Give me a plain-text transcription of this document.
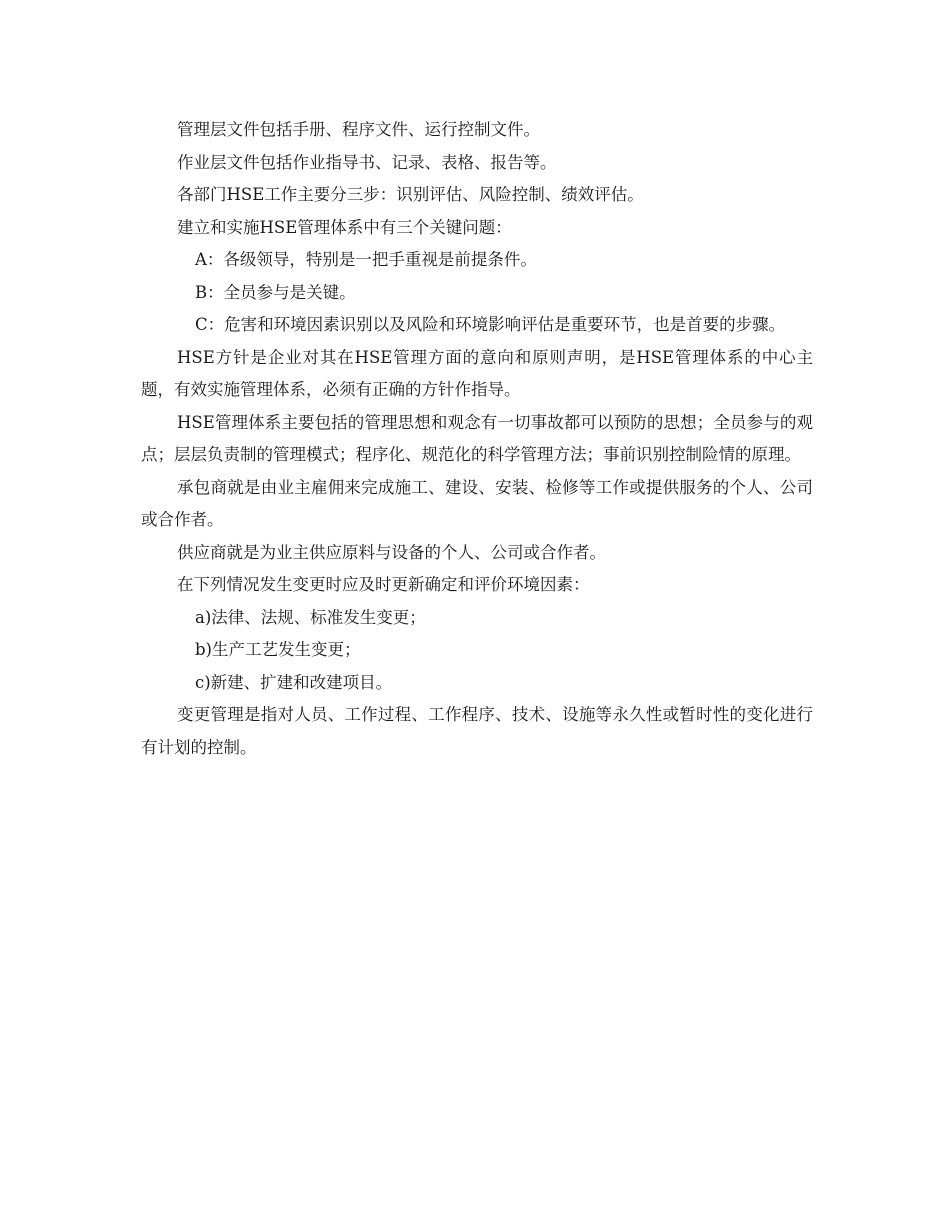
管理层文件包括手册、程序文件、运行控制文件。

作业层文件包括作业指导书、记录、表格、报告等。

各部门HSE工作主要分三步：识别评估、风险控制、绩效评估。

建立和实施HSE管理体系中有三个关键问题：

A：各级领导，特别是一把手重视是前提条件。

B：全员参与是关键。

C：危害和环境因素识别以及风险和环境影响评估是重要环节，也是首要的步骤。

HSE方针是企业对其在HSE管理方面的意向和原则声明，是HSE管理体系的中心主题，有效实施管理体系，必须有正确的方针作指导。

HSE管理体系主要包括的管理思想和观念有一切事故都可以预防的思想；全员参与的观点；层层负责制的管理模式；程序化、规范化的科学管理方法；事前识别控制险情的原理。

承包商就是由业主雇佣来完成施工、建设、安装、检修等工作或提供服务的个人、公司或合作者。

供应商就是为业主供应原料与设备的个人、公司或合作者。

在下列情况发生变更时应及时更新确定和评价环境因素：

a)法律、法规、标准发生变更；

b)生产工艺发生变更；

c)新建、扩建和改建项目。

变更管理是指对人员、工作过程、工作程序、技术、设施等永久性或暂时性的变化进行有计划的控制。
